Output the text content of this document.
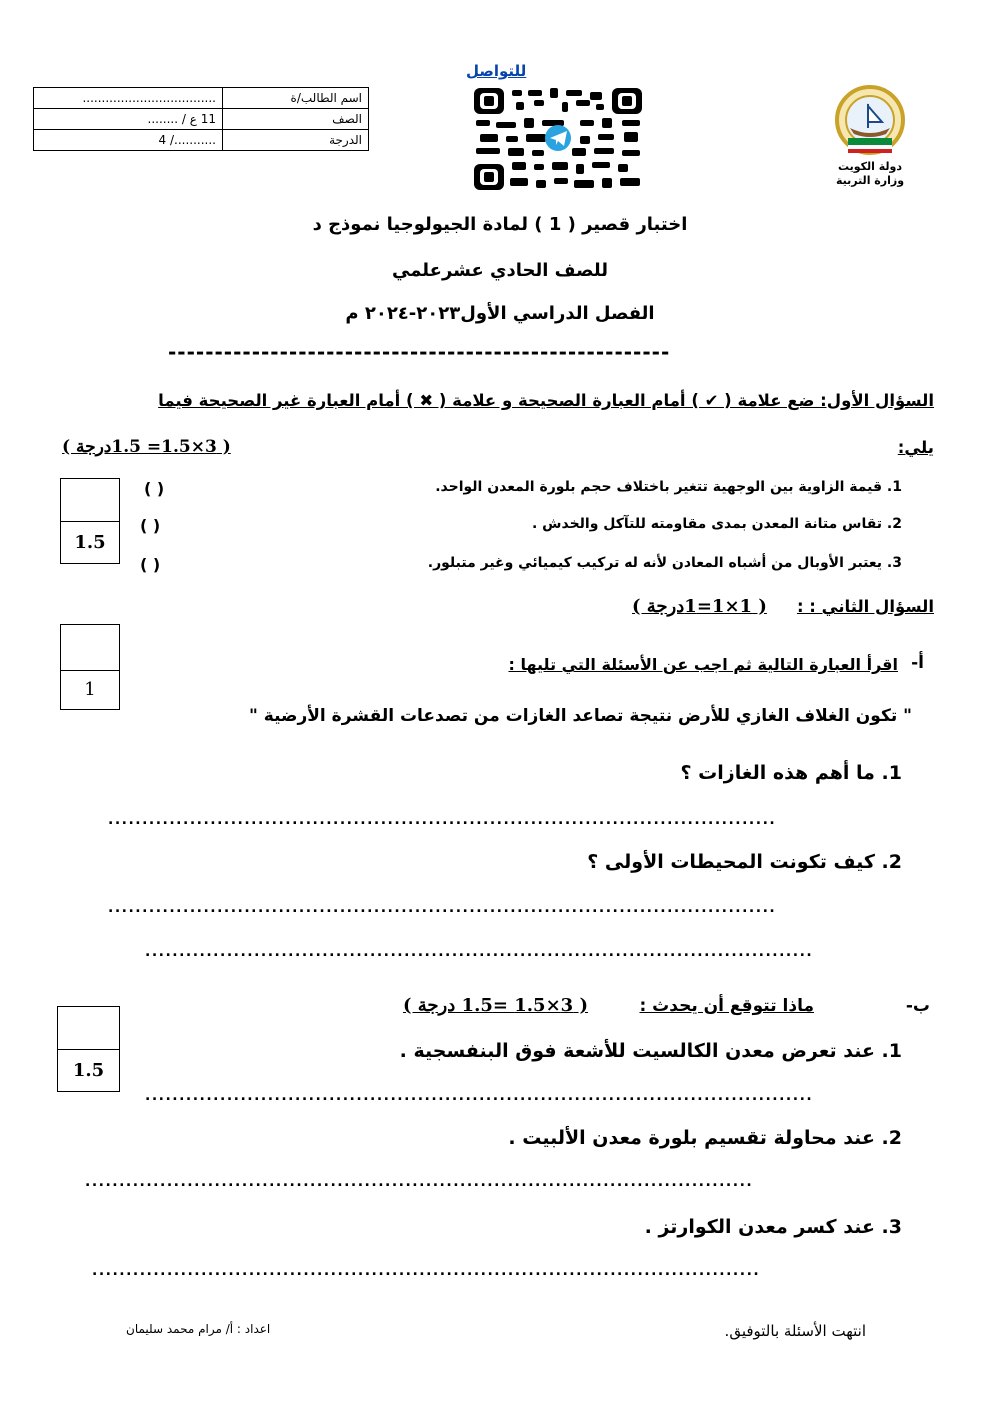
...................................	اسم الطالب/ة
11 ع / ........	الصف
.........../ 4	الدرجة
للتواصل
دولة الكويت
وزارة التربية
اختبار قصير ( 1 ) لمادة الجيولوجيا نموذج د
للصف الحادي عشرعلمي
الفصل الدراسي الأول٢٠٢٣-٢٠٢٤ م
------------------------------------------------------
السؤال الأول: ضع علامة ( ✔ ) أمام العبارة الصحيحة و علامة ( ✖ ) أمام العبارة غير الصحيحة فيما
يلي:
( 3×1.5= 1.5درجة )
1.5
1. قيمة الزاوية بين الوجهية تتغير باختلاف حجم بلورة المعدن الواحد.
( )
2. تقاس متانة المعدن بمدى مقاومته للتآكل والخدش .
( )
3. يعتبر الأوبال من أشباه المعادن لأنه له تركيب كيميائي وغير متبلور.
( )
السؤال الثاني : :
( 1×1=1درجة )
1
أ-
اقرأ العبارة التالية ثم اجب عن الأسئلة التي تليها :
" تكون الغلاف الغازي للأرض نتيجة تصاعد الغازات من تصدعات القشرة الأرضية "
1. ما أهم هذه الغازات ؟
..................................................................................................
2. كيف تكونت المحيطات الأولى ؟
..................................................................................................
..................................................................................................
1.5
ب-
ماذا تتوقع أن يحدث :
( 3×1.5 =1.5 درجة )
1. عند تعرض معدن الكالسيت للأشعة فوق البنفسجية .
..................................................................................................
2. عند محاولة تقسيم بلورة معدن الألبيت .
..................................................................................................
3. عند كسر معدن الكوارتز .
..................................................................................................
انتهت الأسئلة بالتوفيق.
اعداد : أ/ مرام محمد سليمان
